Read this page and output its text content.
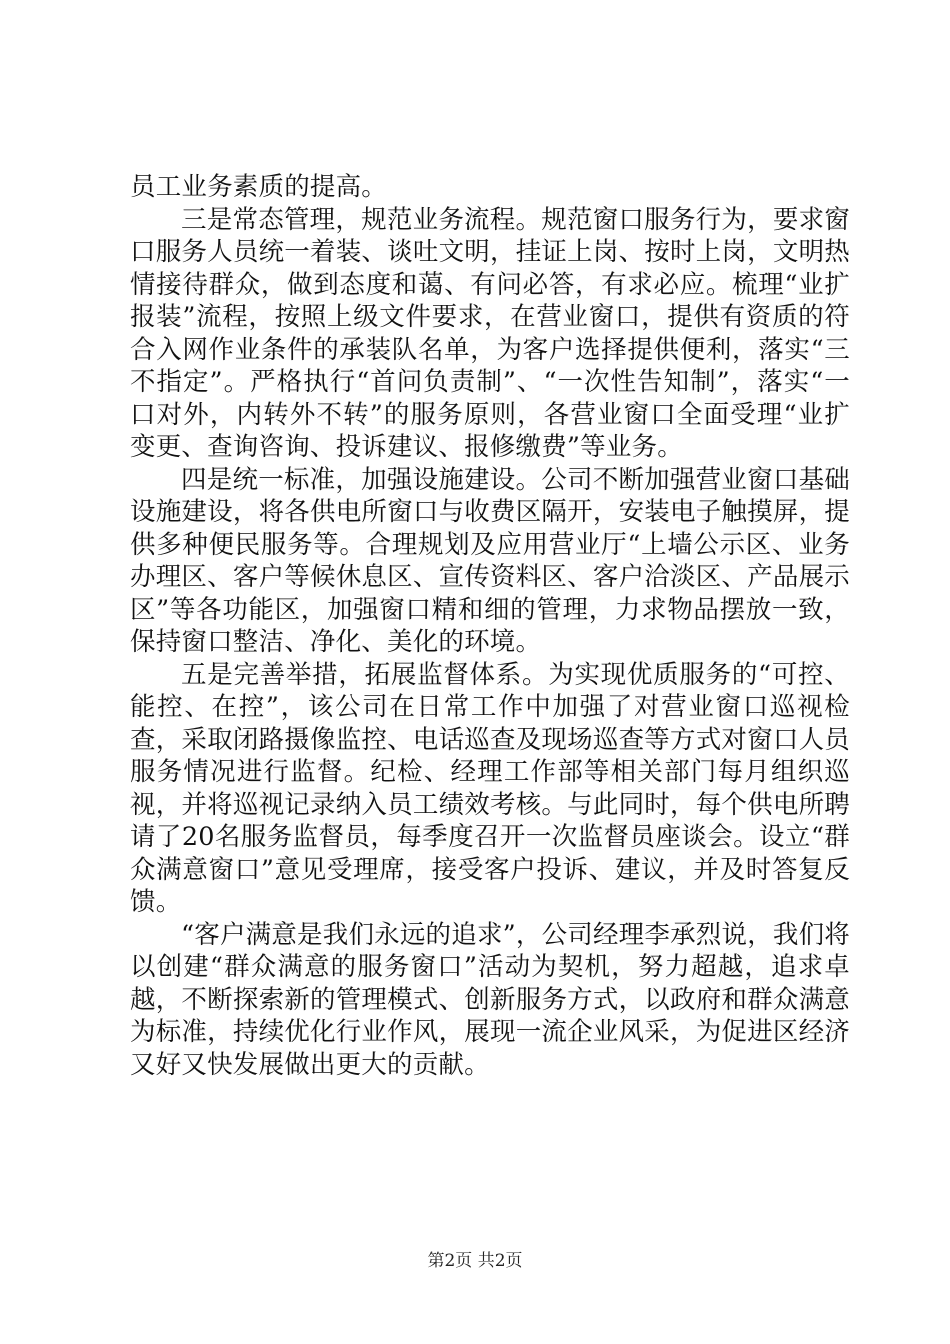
员工业务素质的提高。

三是常态管理，规范业务流程。规范窗口服务行为，要求窗口服务人员统一着装、谈吐文明，挂证上岗、按时上岗，文明热情接待群众，做到态度和蔼、有问必答，有求必应。梳理“业扩报装”流程，按照上级文件要求，在营业窗口，提供有资质的符合入网作业条件的承装队名单，为客户选择提供便利，落实“三不指定”。严格执行“首问负责制”、“一次性告知制”，落实“一口对外，内转外不转”的服务原则，各营业窗口全面受理“业扩变更、查询咨询、投诉建议、报修缴费”等业务。

四是统一标准，加强设施建设。公司不断加强营业窗口基础设施建设，将各供电所窗口与收费区隔开，安装电子触摸屏，提供多种便民服务等。合理规划及应用营业厅“上墙公示区、业务办理区、客户等候休息区、宣传资料区、客户洽淡区、产品展示区”等各功能区，加强窗口精和细的管理，力求物品摆放一致，保持窗口整洁、净化、美化的环境。

五是完善举措，拓展监督体系。为实现优质服务的“可控、能控、在控”，该公司在日常工作中加强了对营业窗口巡视检查，采取闭路摄像监控、电话巡查及现场巡查等方式对窗口人员服务情况进行监督。纪检、经理工作部等相关部门每月组织巡视，并将巡视记录纳入员工绩效考核。与此同时，每个供电所聘请了20名服务监督员，每季度召开一次监督员座谈会。设立“群众满意窗口”意见受理席，接受客户投诉、建议，并及时答复反馈。

“客户满意是我们永远的追求”，公司经理李承烈说，我们将以创建“群众满意的服务窗口”活动为契机，努力超越，追求卓越，不断探索新的管理模式、创新服务方式，以政府和群众满意为标准，持续优化行业作风，展现一流企业风采，为促进区经济又好又快发展做出更大的贡献。

第2页 共2页
